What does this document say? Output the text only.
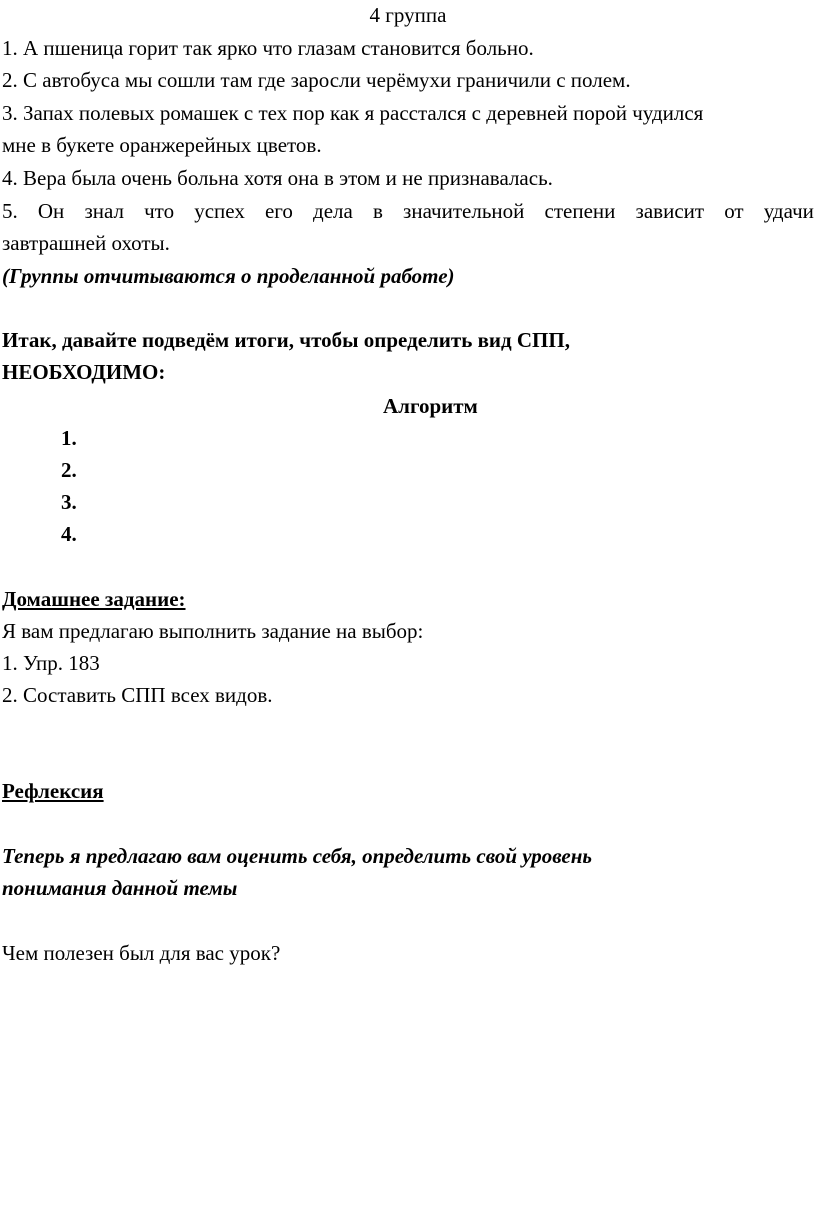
4 группа
1. А пшеница горит так ярко что глазам становится больно.
2. С автобуса мы сошли там где заросли черёмухи граничили с полем.
3. Запах полевых ромашек с тех пор как я расстался с деревней порой чудился
мне в букете оранжерейных цветов.
4. Вера была очень больна хотя она в этом и не признавалась.
5. Он знал что успех его дела в значительной степени зависит от удачи
завтрашней охоты.
(Группы отчитываются о проделанной работе)
Итак, давайте подведём итоги, чтобы определить вид СПП,
НЕОБХОДИМО:
Алгоритм
1.
2.
3.
4.
Домашнее задание:
Я вам предлагаю выполнить задание на выбор:
1. Упр. 183
2. Составить СПП всех видов.
Рефлексия
Теперь я предлагаю вам оценить себя, определить свой уровень
понимания данной темы
Чем полезен был для вас урок?
